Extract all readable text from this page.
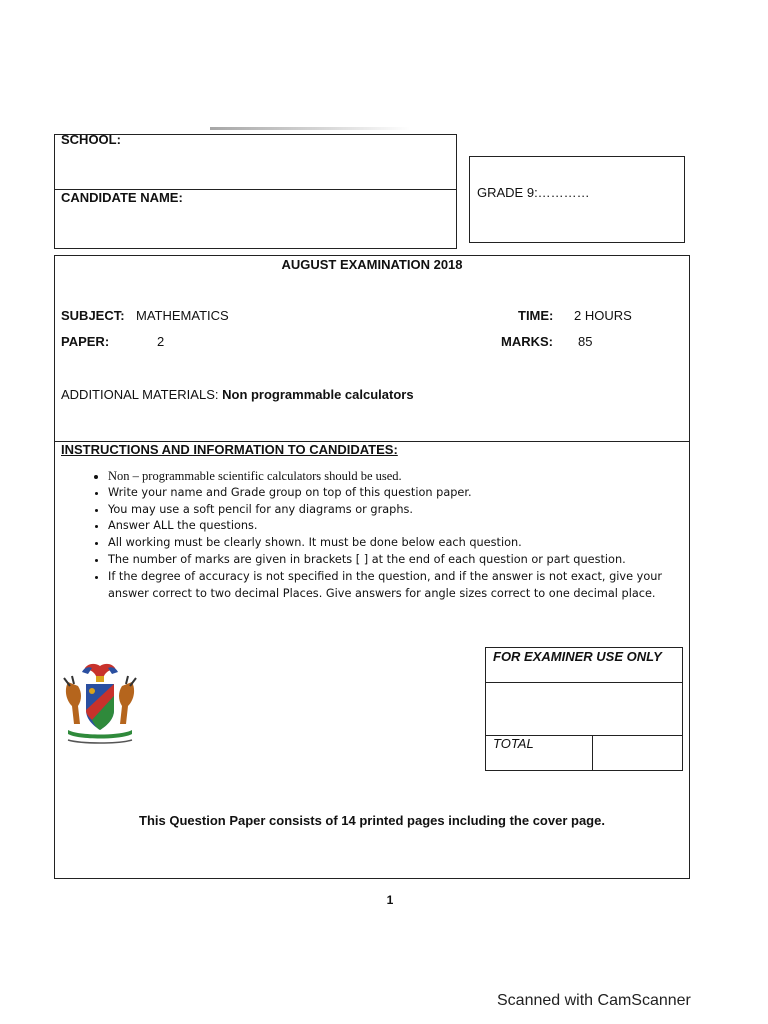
SCHOOL:
CANDIDATE NAME:	GRADE 9:…………
AUGUST EXAMINATION 2018
SUBJECT: MATHEMATICS	TIME: 2 HOURS
PAPER:	2	MARKS: 85
ADDITIONAL MATERIALS: Non programmable calculators
INSTRUCTIONS AND INFORMATION TO CANDIDATES:
• Non – programmable scientific calculators should be used.
• Write your name and Grade group on top of this question paper.
• You may use a soft pencil for any diagrams or graphs.
• Answer ALL the questions.
• All working must be clearly shown. It must be done below each question.
• The number of marks are given in brackets [ ] at the end of each question or part question.
• If the degree of accuracy is not specified in the question, and if the answer is not exact, give your answer correct to two decimal Places. Give answers for angle sizes correct to one decimal place.
FOR EXAMINER USE ONLY
TOTAL
This Question Paper consists of 14 printed pages including the cover page.
1
Scanned with CamScanner
